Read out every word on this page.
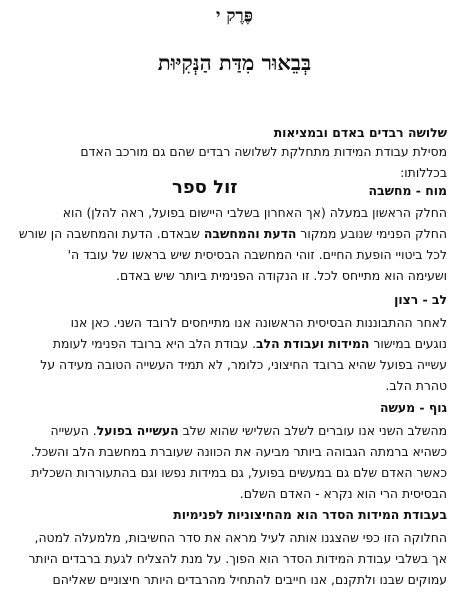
פֶּרֶק י
בְּבֵאוּר מִדַּת הַנְּקִיּוּת
שלושה רבדים באדם ובמציאות
מסילת עבודת המידות מתחלקת לשלושה רבדים שהם גם מורכב האדם
בכללותו:
מוח - מחשבה
זול ספר
החלק הראשון במעלה (אך האחרון בשלבי היישום בפועל, ראה להלן) הוא
החלק הפנימי שנובע ממקור הדעת והמחשבה שבאדם. הדעת והמחשבה הן שורש
לכל ביטויי הופעת החיים. זוהי המחשבה הבסיסית שיש בראשו של עובד ה'
ושעימה הוא מתייחס לכל. זו הנקודה הפנימית ביותר שיש באדם.
לב - רצון
לאחר ההתבוננות הבסיסית הראשונה אנו מתייחסים לרובד השני. כאן אנו
נוגעים במישור המידות ועבודת הלב. עבודת הלב היא ברובד הפנימי לעומת
עשייה בפועל שהיא ברובד החיצוני, כלומר, לא תמיד העשייה הטובה מעידה על
טהרת הלב.
גוף - מעשה
מהשלב השני אנו עוברים לשלב השלישי שהוא שלב העשייה בפועל. העשייה
כשהיא ברמתה הגבוהה ביותר מביעה את הכוונה שעוברת במחשבת הלב והשכל.
כאשר האדם שלם גם במעשים בפועל, גם במידות נפשו וגם בהתעוררות השכלית
הבסיסית הרי הוא נקרא - האדם השלם.
בעבודת המידות הסדר הוא מהחיצוניות לפנימיות
החלוקה הזו כפי שהצגנו אותה לעיל מראה את סדר החשיבות, מלמעלה למטה,
אך בשלבי עבודת המידות הסדר הוא הפוך. על מנת להצליח לגעת ברבדים היותר
עמוקים שבנו ולתקנם, אנו חייבים להתחיל מהרבדים היותר חיצוניים שאליהם
